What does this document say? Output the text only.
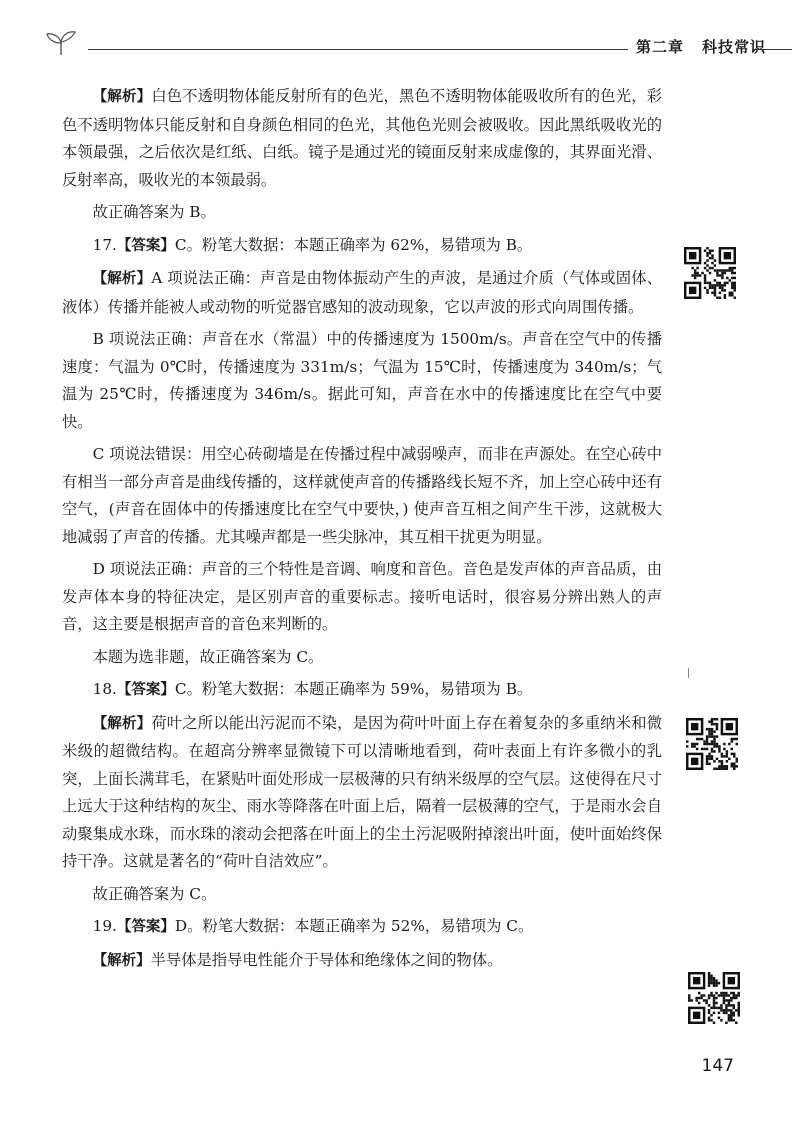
第二章 科技常识

【解析】白色不透明物体能反射所有的色光，黑色不透明物体能吸收所有的色光，彩色不透明物体只能反射和自身颜色相同的色光，其他色光则会被吸收。因此黑纸吸收光的本领最强，之后依次是红纸、白纸。镜子是通过光的镜面反射来成虚像的，其界面光滑、反射率高，吸收光的本领最弱。

故正确答案为 B。

17.【答案】C。粉笔大数据：本题正确率为 62%，易错项为 B。

【解析】A 项说法正确：声音是由物体振动产生的声波，是通过介质（气体或固体、液体）传播并能被人或动物的听觉器官感知的波动现象，它以声波的形式向周围传播。

B 项说法正确：声音在水（常温）中的传播速度为 1500m/s。声音在空气中的传播速度：气温为 0℃时，传播速度为 331m/s；气温为 15℃时，传播速度为 340m/s；气温为 25℃时，传播速度为 346m/s。据此可知，声音在水中的传播速度比在空气中要快。

C 项说法错误：用空心砖砌墙是在传播过程中减弱噪声，而非在声源处。在空心砖中有相当一部分声音是曲线传播的，这样就使声音的传播路线长短不齐，加上空心砖中还有空气，(声音在固体中的传播速度比在空气中要快，) 使声音互相之间产生干涉，这就极大地减弱了声音的传播。尤其噪声都是一些尖脉冲，其互相干扰更为明显。

D 项说法正确：声音的三个特性是音调、响度和音色。音色是发声体的声音品质，由发声体本身的特征决定，是区别声音的重要标志。接听电话时，很容易分辨出熟人的声音，这主要是根据声音的音色来判断的。

本题为选非题，故正确答案为 C。

18.【答案】C。粉笔大数据：本题正确率为 59%，易错项为 B。

【解析】荷叶之所以能出污泥而不染，是因为荷叶叶面上存在着复杂的多重纳米和微米级的超微结构。在超高分辨率显微镜下可以清晰地看到，荷叶表面上有许多微小的乳突，上面长满茸毛，在紧贴叶面处形成一层极薄的只有纳米级厚的空气层。这使得在尺寸上远大于这种结构的灰尘、雨水等降落在叶面上后，隔着一层极薄的空气，于是雨水会自动聚集成水珠，而水珠的滚动会把落在叶面上的尘土污泥吸附掉滚出叶面，使叶面始终保持干净。这就是著名的“荷叶自洁效应”。

故正确答案为 C。

19.【答案】D。粉笔大数据：本题正确率为 52%，易错项为 C。

【解析】半导体是指导电性能介于导体和绝缘体之间的物体。

147
